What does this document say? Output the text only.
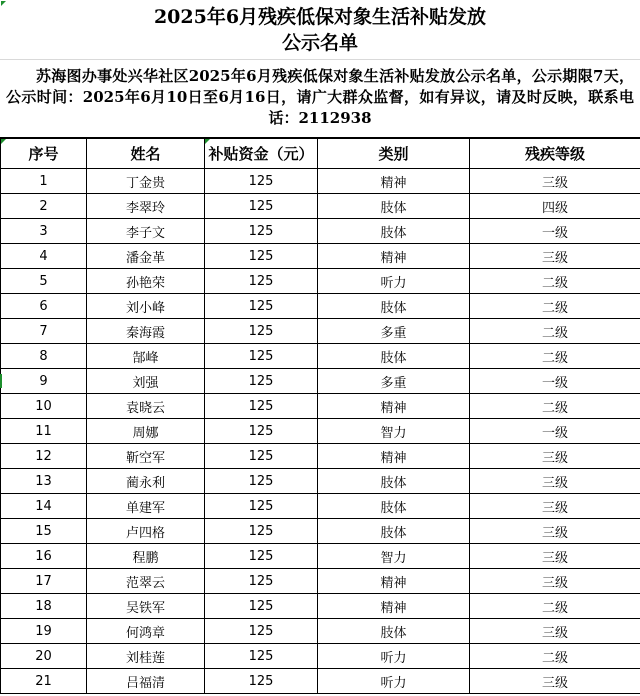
2025年6月残疾低保对象生活补贴发放
公示名单
苏海图办事处兴华社区2025年6月残疾低保对象生活补贴发放公示名单，公示期限7天，公示时间：2025年6月10日至6月16日，请广大群众监督，如有异议，请及时反映，联系电话：2112938
序号	姓名	补贴资金（元）	类别	残疾等级
1	丁金贵	125	精神	三级
2	李翠玲	125	肢体	四级
3	李子文	125	肢体	一级
4	潘金革	125	精神	三级
5	孙艳荣	125	听力	二级
6	刘小峰	125	肢体	二级
7	秦海霞	125	多重	二级
8	郜峰	125	肢体	二级
9	刘强	125	多重	一级
10	袁晓云	125	精神	二级
11	周娜	125	智力	一级
12	靳空军	125	精神	三级
13	蔺永利	125	肢体	三级
14	单建军	125	肢体	三级
15	卢四格	125	肢体	三级
16	程鹏	125	智力	三级
17	范翠云	125	精神	三级
18	吴铁军	125	精神	二级
19	何鸿章	125	肢体	三级
20	刘桂莲	125	听力	二级
21	吕福清	125	听力	三级
